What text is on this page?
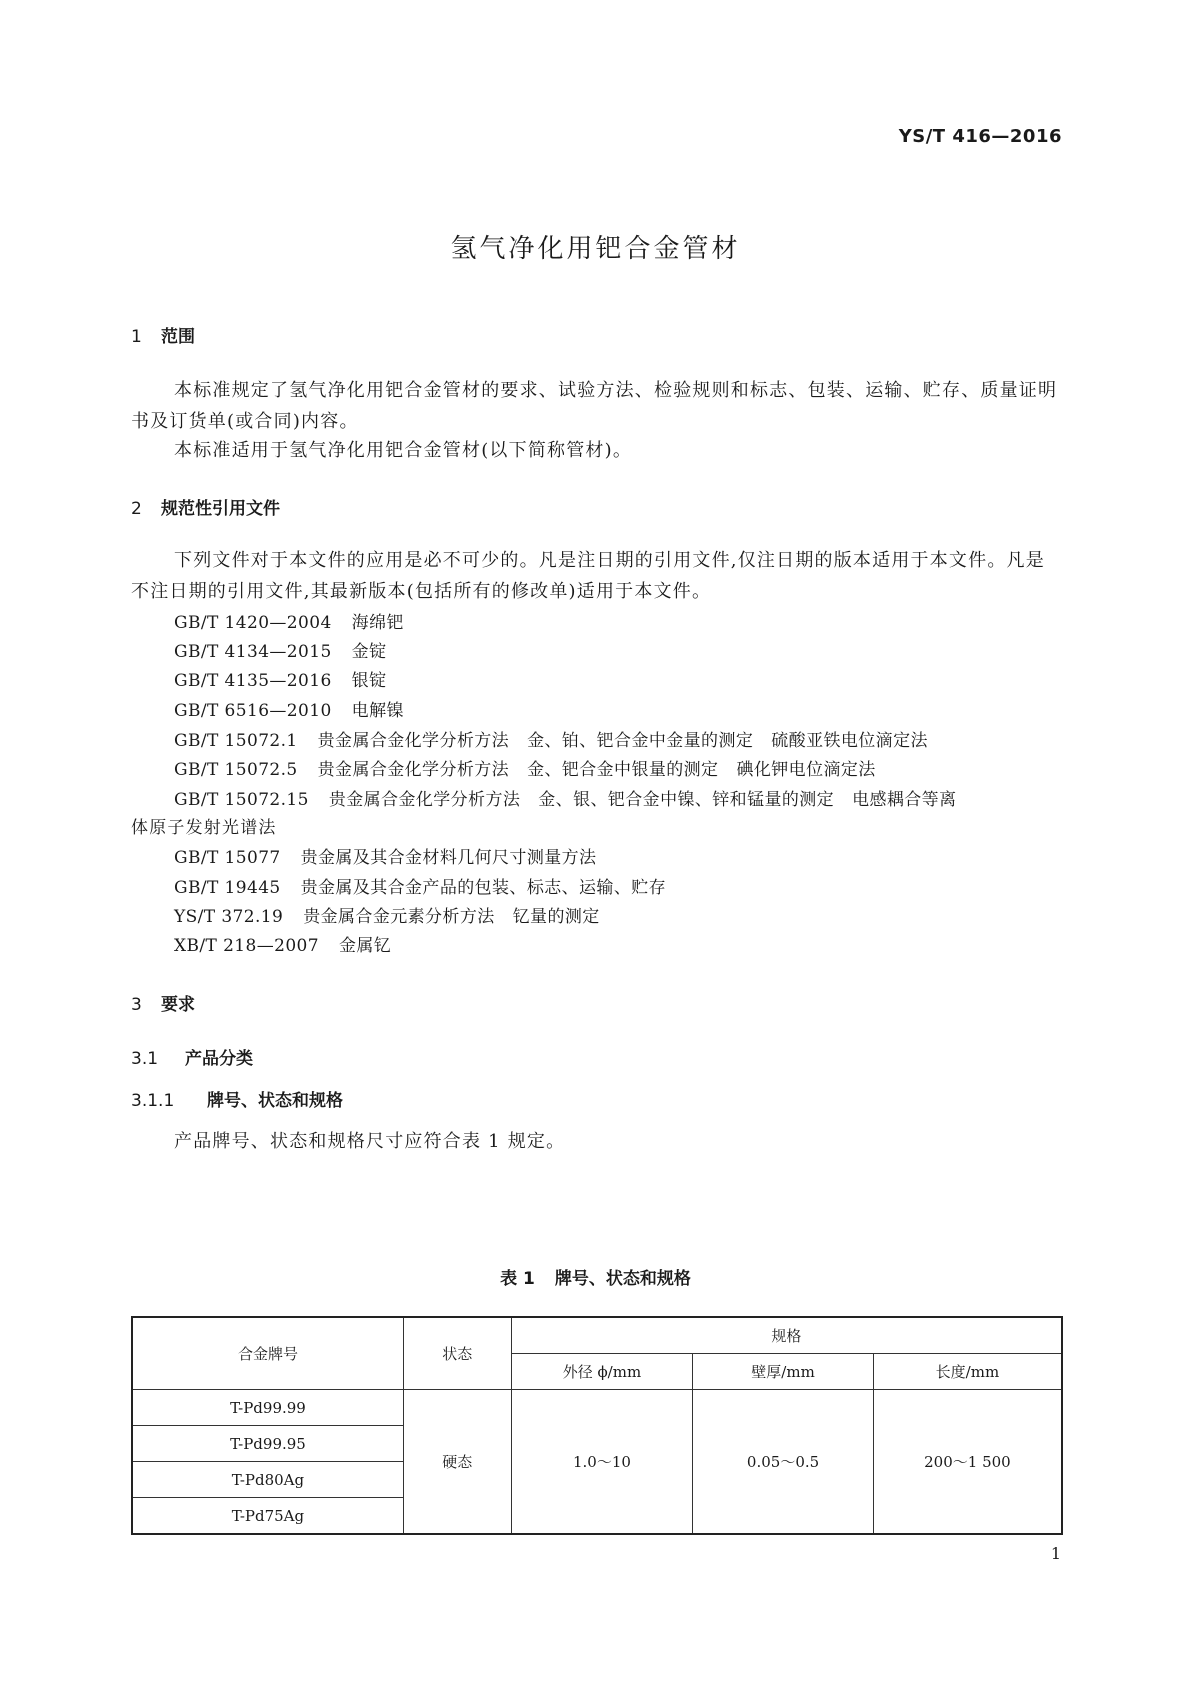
YS/T 416—2016
氢气净化用钯合金管材
1 范围
本标准规定了氢气净化用钯合金管材的要求、试验方法、检验规则和标志、包装、运输、贮存、质量证明书及订货单(或合同)内容。
本标准适用于氢气净化用钯合金管材(以下简称管材)。
2 规范性引用文件
下列文件对于本文件的应用是必不可少的。凡是注日期的引用文件,仅注日期的版本适用于本文件。凡是不注日期的引用文件,其最新版本(包括所有的修改单)适用于本文件。
GB/T 1420—2004 海绵钯
GB/T 4134—2015 金锭
GB/T 4135—2016 银锭
GB/T 6516—2010 电解镍
GB/T 15072.1 贵金属合金化学分析方法 金、铂、钯合金中金量的测定 硫酸亚铁电位滴定法
GB/T 15072.5 贵金属合金化学分析方法 金、钯合金中银量的测定 碘化钾电位滴定法
GB/T 15072.15 贵金属合金化学分析方法 金、银、钯合金中镍、锌和锰量的测定 电感耦合等离
体原子发射光谱法
GB/T 15077 贵金属及其合金材料几何尺寸测量方法
GB/T 19445 贵金属及其合金产品的包装、标志、运输、贮存
YS/T 372.19 贵金属合金元素分析方法 钇量的测定
XB/T 218—2007 金属钇
3 要求
3.1 产品分类
3.1.1 牌号、状态和规格
产品牌号、状态和规格尺寸应符合表 1 规定。
表 1 牌号、状态和规格
合金牌号	状态	规格		
		外径 ϕ/mm	壁厚/mm	长度/mm
T-Pd99.99	硬态	1.0～10	0.05～0.5	200～1 500
T-Pd99.95				
T-Pd80Ag				
T-Pd75Ag				
1
